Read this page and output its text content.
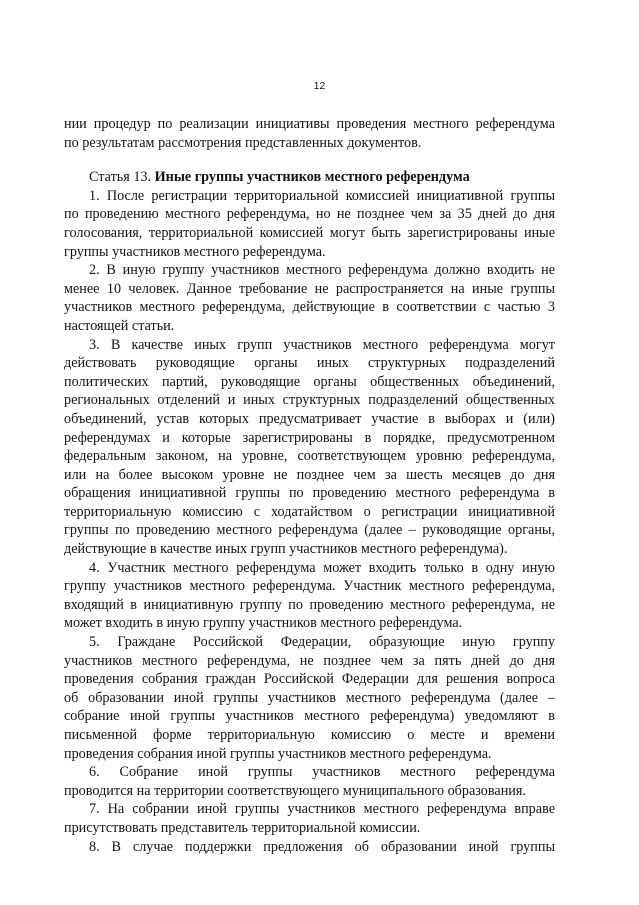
12
нии процедур по реализации инициативы проведения местного референдума
по результатам рассмотрения представленных документов.
Статья 13. Иные группы участников местного референдума
1. После регистрации территориальной комиссией инициативной группы
по проведению местного референдума, но не позднее чем за 35 дней до дня
голосования, территориальной комиссией могут быть зарегистрированы иные
группы участников местного референдума.
2. В иную группу участников местного референдума должно входить не
менее 10 человек. Данное требование не распространяется на иные группы
участников местного референдума, действующие в соответствии с частью 3
настоящей статьи.
3. В качестве иных групп участников местного референдума могут
действовать руководящие органы иных структурных подразделений
политических партий, руководящие органы общественных объединений,
региональных отделений и иных структурных подразделений общественных
объединений, устав которых предусматривает участие в выборах и (или)
референдумах и которые зарегистрированы в порядке, предусмотренном
федеральным законом, на уровне, соответствующем уровню референдума,
или на более высоком уровне не позднее чем за шесть месяцев до дня
обращения инициативной группы по проведению местного референдума в
территориальную комиссию с ходатайством о регистрации инициативной
группы по проведению местного референдума (далее – руководящие органы,
действующие в качестве иных групп участников местного референдума).
4. Участник местного референдума может входить только в одну иную
группу участников местного референдума. Участник местного референдума,
входящий в инициативную группу по проведению местного референдума, не
может входить в иную группу участников местного референдума.
5. Граждане Российской Федерации, образующие иную группу
участников местного референдума, не позднее чем за пять дней до дня
проведения собрания граждан Российской Федерации для решения вопроса
об образовании иной группы участников местного референдума (далее –
собрание иной группы участников местного референдума) уведомляют в
письменной форме территориальную комиссию о месте и времени
проведения собрания иной группы участников местного референдума.
6. Собрание иной группы участников местного референдума
проводится на территории соответствующего муниципального образования.
7. На собрании иной группы участников местного референдума вправе
присутствовать представитель территориальной комиссии.
8. В случае поддержки предложения об образовании иной группы
